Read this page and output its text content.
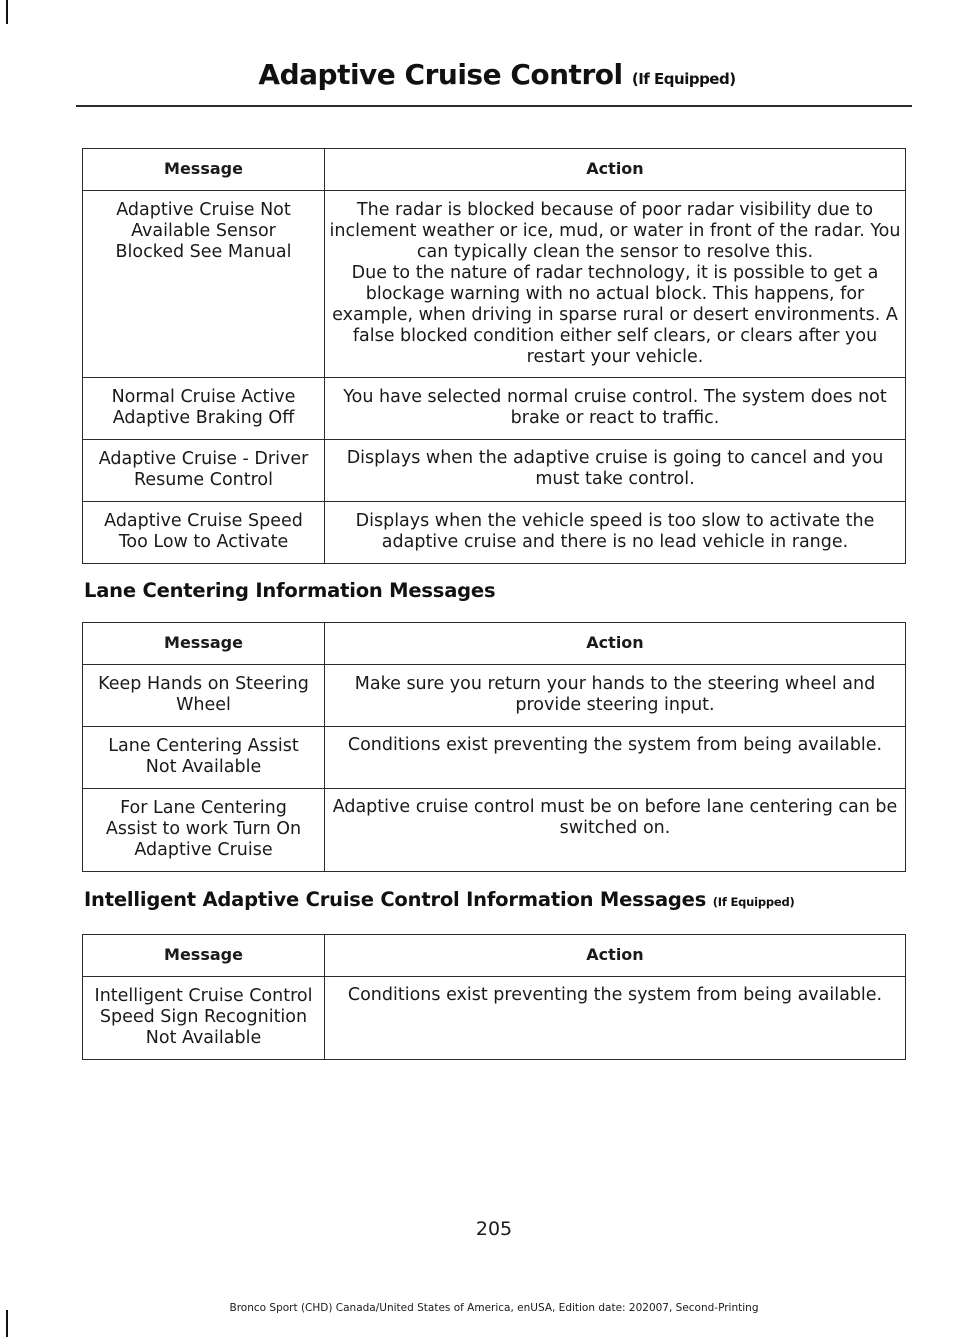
Adaptive Cruise Control (If Equipped)
Message	Action
Adaptive Cruise Not Available Sensor Blocked See Manual	The radar is blocked because of poor radar visibility due to inclement weather or ice, mud, or water in front of the radar. You can typically clean the sensor to resolve this.
Due to the nature of radar technology, it is possible to get a blockage warning with no actual block. This happens, for example, when driving in sparse rural or desert environments. A false blocked condition either self clears, or clears after you restart your vehicle.

Normal Cruise Active Adaptive Braking Off	You have selected normal cruise control. The system does not brake or react to traffic.
Adaptive Cruise - Driver Resume Control	Displays when the adaptive cruise is going to cancel and you must take control.
Adaptive Cruise Speed Too Low to Activate	Displays when the vehicle speed is too slow to activate the adaptive cruise and there is no lead vehicle in range.
Lane Centering Information Messages
Message	Action
Keep Hands on Steering Wheel	Make sure you return your hands to the steering wheel and provide steering input.
Lane Centering Assist Not Available	Conditions exist preventing the system from being available.
For Lane Centering Assist to work Turn On Adaptive Cruise	Adaptive cruise control must be on before lane centering can be switched on.
Intelligent Adaptive Cruise Control Information Messages (If Equipped)
Message	Action
Intelligent Cruise Control Speed Sign Recognition Not Available	Conditions exist preventing the system from being available.
205
Bronco Sport (CHD) Canada/United States of America, enUSA, Edition date: 202007, Second-Printing
